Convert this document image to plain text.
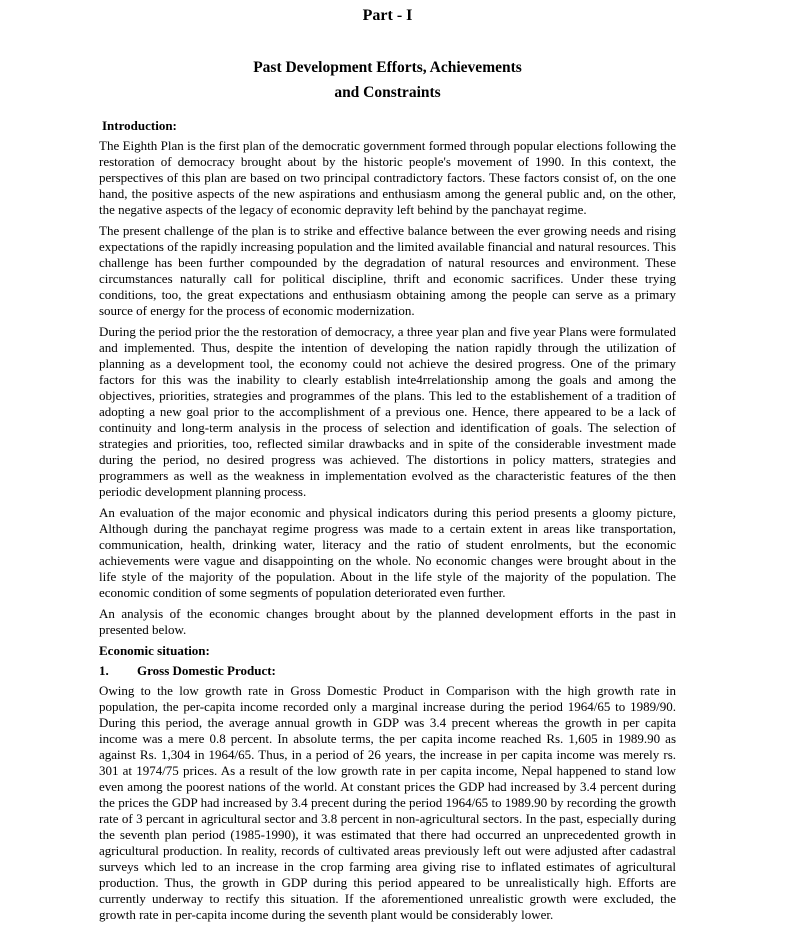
Part - I
Past Development Efforts, Achievements
and Constraints
Introduction:

The Eighth Plan is the first plan of the democratic government formed through popular elections following the restoration of democracy brought about by the historic people's movement of 1990. In this context, the perspectives of this plan are based on two principal contradictory factors. These factors consist of, on the one hand, the positive aspects of the new aspirations and enthusiasm among the general public and, on the other, the negative aspects of the legacy of economic depravity left behind by the panchayat regime.

The present challenge of the plan is to strike and effective balance between the ever growing needs and rising expectations of the rapidly increasing population and the limited available financial and natural resources. This challenge has been further compounded by the degradation of natural resources and environment. These circumstances naturally call for political discipline, thrift and economic sacrifices. Under these trying conditions, too, the great expectations and enthusiasm obtaining among the people can serve as a primary source of energy for the process of economic modernization.

During the period prior the the restoration of democracy, a three year plan and five year Plans were formulated and implemented. Thus, despite the intention of developing the nation rapidly through the utilization of planning as a development tool, the economy could not achieve the desired progress. One of the primary factors for this was the inability to clearly establish inte4rrelationship among the goals and among the objectives, priorities, strategies and programmes of the plans. This led to the establishement of a tradition of adopting a new goal prior to the accomplishment of a previous one. Hence, there appeared to be a lack of continuity and long-term analysis in the process of selection and identification of goals. The selection of strategies and priorities, too, reflected similar drawbacks and in spite of the considerable investment made during the period, no desired progress was achieved. The distortions in policy matters, strategies and programmers as well as the weakness in implementation evolved as the characteristic features of the then periodic development planning process.

An evaluation of the major economic and physical indicators during this period presents a gloomy picture, Although during the panchayat regime progress was made to a certain extent in areas like transportation, communication, health, drinking water, literacy and the ratio of student enrolments, but the economic achievements were vague and disappointing on the whole. No economic changes were brought about in the life style of the majority of the population. About in the life style of the majority of the population. The economic condition of some segments of population deteriorated even further.

An analysis of the economic changes brought about by the planned development efforts in the past in presented below.

Economic situation:
1.	Gross Domestic Product:

Owing to the low growth rate in Gross Domestic Product in Comparison with the high growth rate in population, the per-capita income recorded only a marginal increase during the period 1964/65 to 1989/90. During this period, the average annual growth in GDP was 3.4 precent whereas the growth in per capita income was a mere 0.8 percent. In absolute terms, the per capita income reached Rs. 1,605 in 1989.90 as against Rs. 1,304 in 1964/65. Thus, in a period of 26 years, the increase in per capita income was merely rs. 301 at 1974/75 prices. As a result of the low growth rate in per capita income, Nepal happened to stand low even among the poorest nations of the world. At constant prices the GDP had increased by 3.4 percent during the prices the GDP had increased by 3.4 precent during the period 1964/65 to 1989.90 by recording the growth rate of 3 percant in agricultural sector and 3.8 percent in non-agricultural sectors. In the past, especially during the seventh plan period (1985-1990), it was estimated that there had occurred an unprecedented growth in agricultural production. In reality, records of cultivated areas previously left out were adjusted after cadastral surveys which led to an increase in the crop farming area giving rise to inflated estimates of agricultural production. Thus, the growth in GDP during this period appeared to be unrealistically high. Efforts are currently underway to rectify this situation. If the aforementioned unrealistic growth were excluded, the growth rate in per-capita income during the seventh plant would be considerably lower.
